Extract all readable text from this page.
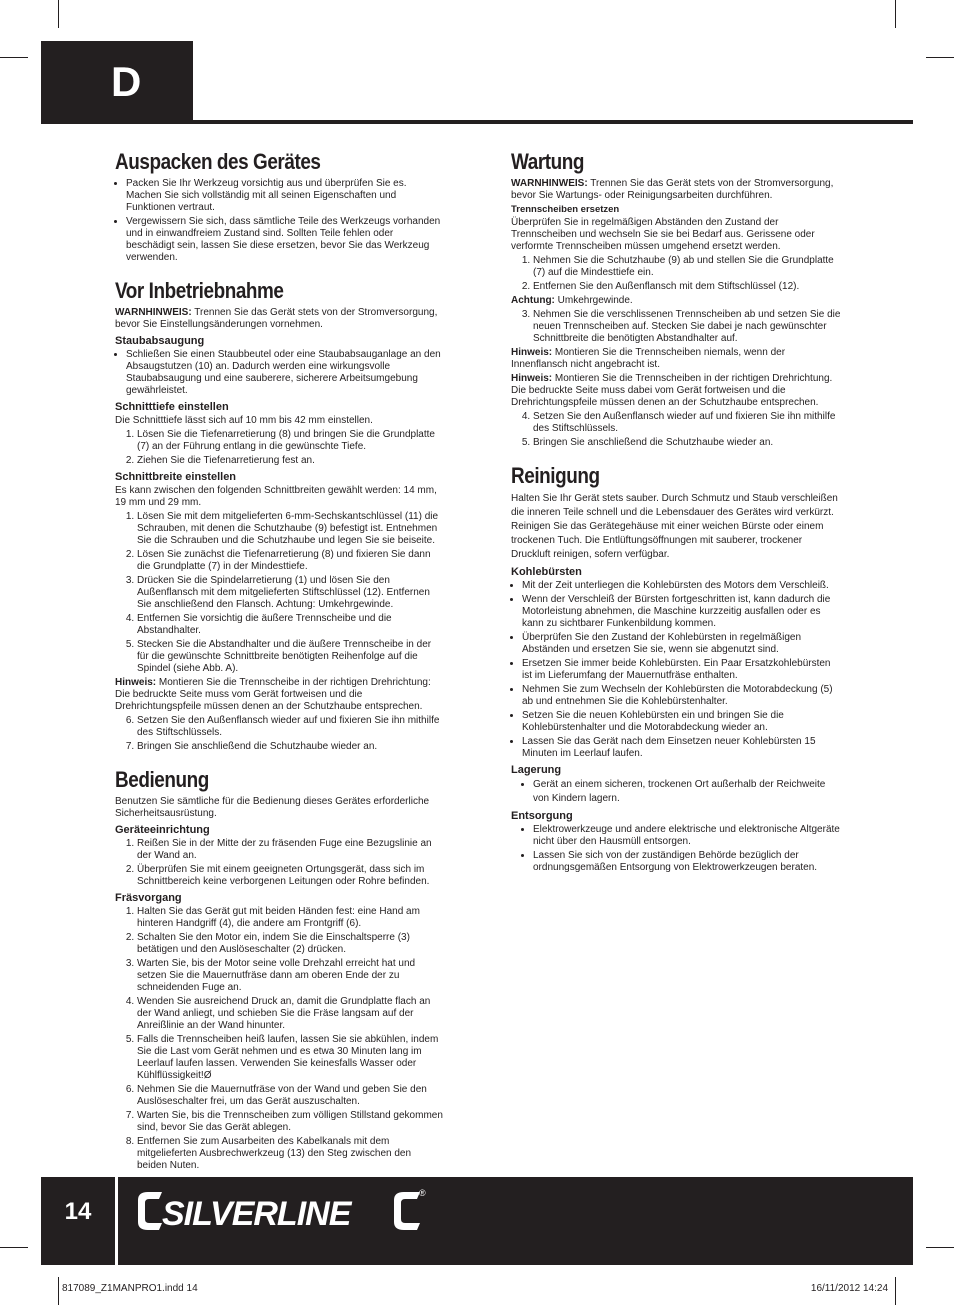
D
Auspacken des Gerätes
• Packen Sie Ihr Werkzeug vorsichtig aus und überprüfen Sie es. Machen Sie sich vollständig mit all seinen Eigenschaften und Funktionen vertraut.
• Vergewissern Sie sich, dass sämtliche Teile des Werkzeugs vorhanden und in einwandfreiem Zustand sind. Sollten Teile fehlen oder beschädigt sein, lassen Sie diese ersetzen, bevor Sie das Werkzeug verwenden.
Vor Inbetriebnahme

WARNHINWEIS: Trennen Sie das Gerät stets von der Stromversorgung, bevor Sie Einstellungsänderungen vornehmen.

Staubabsaugung
• Schließen Sie einen Staubbeutel oder eine Staubabsauganlage an den Absaugstutzen (10) an. Dadurch werden eine wirkungsvolle Staubabsaugung und eine sauberere, sicherere Arbeitsumgebung gewährleistet.
Schnitttiefe einstellen

Die Schnitttiefe lässt sich auf 10 mm bis 42 mm einstellen.

1. Lösen Sie die Tiefenarretierung (8) und bringen Sie die Grundplatte (7) an der Führung entlang in die gewünschte Tiefe.
2. Ziehen Sie die Tiefenarretierung fest an.
Schnittbreite einstellen

Es kann zwischen den folgenden Schnittbreiten gewählt werden: 14 mm, 19 mm und 29 mm.

1. Lösen Sie mit dem mitgelieferten 6-mm-Sechskantschlüssel (11) die Schrauben, mit denen die Schutzhaube (9) befestigt ist. Entnehmen Sie die Schrauben und die Schutzhaube und legen Sie sie beiseite.
2. Lösen Sie zunächst die Tiefenarretierung (8) und fixieren Sie dann die Grundplatte (7) in der Mindesttiefe.
3. Drücken Sie die Spindelarretierung (1) und lösen Sie den Außenflansch mit dem mitgelieferten Stiftschlüssel (12). Entfernen Sie anschließend den Flansch. Achtung: Umkehrgewinde.
4. Entfernen Sie vorsichtig die äußere Trennscheibe und die Abstandhalter.
5. Stecken Sie die Abstandhalter und die äußere Trennscheibe in der für die gewünschte Schnittbreite benötigten Reihenfolge auf die Spindel (siehe Abb. A).

Hinweis: Montieren Sie die Trennscheibe in der richtigen Drehrichtung: Die bedruckte Seite muss vom Gerät fortweisen und die Drehrichtungspfeile müssen denen an der Schutzhaube entsprechen.

6. Setzen Sie den Außenflansch wieder auf und fixieren Sie ihn mithilfe des Stiftschlüssels.
7. Bringen Sie anschließend die Schutzhaube wieder an.
Bedienung

Benutzen Sie sämtliche für die Bedienung dieses Gerätes erforderliche Sicherheitsausrüstung.

Geräteeinrichtung
1. Reißen Sie in der Mitte der zu fräsenden Fuge eine Bezugslinie an der Wand an.
2. Überprüfen Sie mit einem geeigneten Ortungsgerät, dass sich im Schnittbereich keine verborgenen Leitungen oder Rohre befinden.
Fräsvorgang
1. Halten Sie das Gerät gut mit beiden Händen fest: eine Hand am hinteren Handgriff (4), die andere am Frontgriff (6).
2. Schalten Sie den Motor ein, indem Sie die Einschaltsperre (3) betätigen und den Auslöseschalter (2) drücken.
3. Warten Sie, bis der Motor seine volle Drehzahl erreicht hat und setzen Sie die Mauernutfräse dann am oberen Ende der zu schneidenden Fuge an.
4. Wenden Sie ausreichend Druck an, damit die Grundplatte flach an der Wand anliegt, und schieben Sie die Fräse langsam auf der Anreißlinie an der Wand hinunter.
5. Falls die Trennscheiben heiß laufen, lassen Sie sie abkühlen, indem Sie die Last vom Gerät nehmen und es etwa 30 Minuten lang im Leerlauf laufen lassen. Verwenden Sie keinesfalls Wasser oder Kühlflüssigkeit!Ø
6. Nehmen Sie die Mauernutfräse von der Wand und geben Sie den Auslöseschalter frei, um das Gerät auszuschalten.
7. Warten Sie, bis die Trennscheiben zum völligen Stillstand gekommen sind, bevor Sie das Gerät ablegen.
8. Entfernen Sie zum Ausarbeiten des Kabelkanals mit dem mitgelieferten Ausbrechwerkzeug (13) den Steg zwischen den beiden Nuten.
Wartung

WARNHINWEIS: Trennen Sie das Gerät stets von der Stromversorgung, bevor Sie Wartungs- oder Reinigungsarbeiten durchführen.

Trennscheiben ersetzen

Überprüfen Sie in regelmäßigen Abständen den Zustand der Trennscheiben und wechseln Sie sie bei Bedarf aus. Gerissene oder verformte Trennscheiben müssen umgehend ersetzt werden.

1. Nehmen Sie die Schutzhaube (9) ab und stellen Sie die Grundplatte (7) auf die Mindesttiefe ein.
2. Entfernen Sie den Außenflansch mit dem Stiftschlüssel (12).

Achtung: Umkehrgewinde.

3. Nehmen Sie die verschlissenen Trennscheiben ab und setzen Sie die neuen Trennscheiben auf. Stecken Sie dabei je nach gewünschter Schnittbreite die benötigten Abstandhalter auf.

Hinweis: Montieren Sie die Trennscheiben niemals, wenn der Innenflansch nicht angebracht ist.

Hinweis: Montieren Sie die Trennscheiben in der richtigen Drehrichtung. Die bedruckte Seite muss dabei vom Gerät fortweisen und die Drehrichtungspfeile müssen denen an der Schutzhaube entsprechen.

4. Setzen Sie den Außenflansch wieder auf und fixieren Sie ihn mithilfe des Stiftschlüssels.
5. Bringen Sie anschließend die Schutzhaube wieder an.
Reinigung

Halten Sie Ihr Gerät stets sauber. Durch Schmutz und Staub verschleißen die inneren Teile schnell und die Lebensdauer des Gerätes wird verkürzt. Reinigen Sie das Gerätegehäuse mit einer weichen Bürste oder einem trockenen Tuch. Die Entlüftungsöffnungen mit sauberer, trockener Druckluft reinigen, sofern verfügbar.

Kohlebürsten
• Mit der Zeit unterliegen die Kohlebürsten des Motors dem Verschleiß.
• Wenn der Verschleiß der Bürsten fortgeschritten ist, kann dadurch die Motorleistung abnehmen, die Maschine kurzzeitig ausfallen oder es kann zu sichtbarer Funkenbildung kommen.
• Überprüfen Sie den Zustand der Kohlebürsten in regelmäßigen Abständen und ersetzen Sie sie, wenn sie abgenutzt sind.
• Ersetzen Sie immer beide Kohlebürsten. Ein Paar Ersatzkohlebürsten ist im Lieferumfang der Mauernutfräse enthalten.
• Nehmen Sie zum Wechseln der Kohlebürsten die Motorabdeckung (5) ab und entnehmen Sie die Kohlebürstenhalter.
• Setzen Sie die neuen Kohlebürsten ein und bringen Sie die Kohlebürstenhalter und die Motorabdeckung wieder an.
• Lassen Sie das Gerät nach dem Einsetzen neuer Kohlebürsten 15 Minuten im Leerlauf laufen.
Lagerung
• Gerät an einem sicheren, trockenen Ort außerhalb der Reichweite von Kindern lagern.
Entsorgung
• Elektrowerkzeuge und andere elektrische und elektronische Altgeräte nicht über den Hausmüll entsorgen.
• Lassen Sie sich von der zuständigen Behörde bezüglich der ordnungsgemäßen Entsorgung von Elektrowerkzeugen beraten.
14	SILVERLINE
®
817089_Z1MANPRO1.indd 14	16/11/2012 14:24
